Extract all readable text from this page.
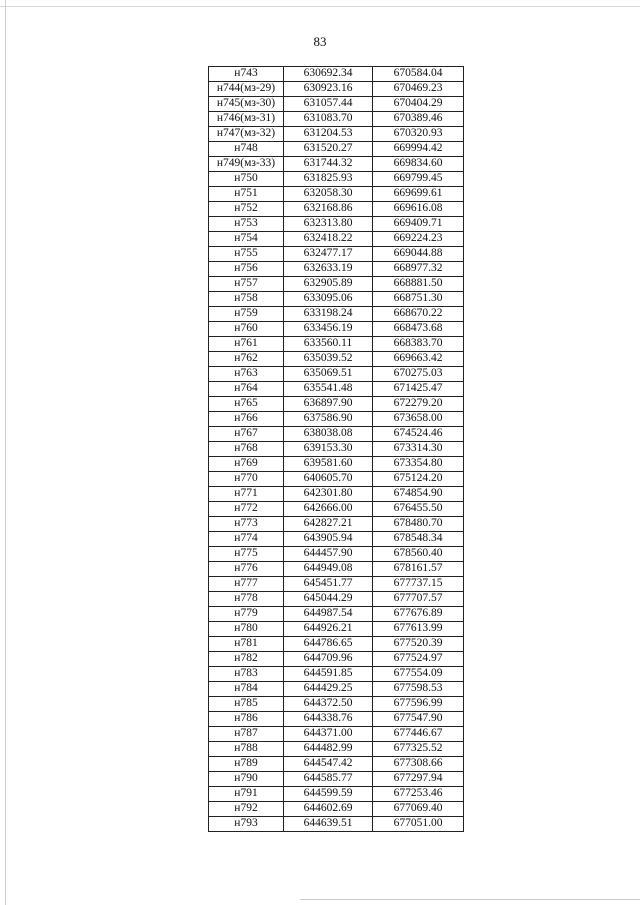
83
н743	630692.34	670584.04
н744(мз-29)	630923.16	670469.23
н745(мз-30)	631057.44	670404.29
н746(мз-31)	631083.70	670389.46
н747(мз-32)	631204.53	670320.93
н748	631520.27	669994.42
н749(мз-33)	631744.32	669834.60
н750	631825.93	669799.45
н751	632058.30	669699.61
н752	632168.86	669616.08
н753	632313.80	669409.71
н754	632418.22	669224.23
н755	632477.17	669044.88
н756	632633.19	668977.32
н757	632905.89	668881.50
н758	633095.06	668751.30
н759	633198.24	668670.22
н760	633456.19	668473.68
н761	633560.11	668383.70
н762	635039.52	669663.42
н763	635069.51	670275.03
н764	635541.48	671425.47
н765	636897.90	672279.20
н766	637586.90	673658.00
н767	638038.08	674524.46
н768	639153.30	673314.30
н769	639581.60	673354.80
н770	640605.70	675124.20
н771	642301.80	674854.90
н772	642666.00	676455.50
н773	642827.21	678480.70
н774	643905.94	678548.34
н775	644457.90	678560.40
н776	644949.08	678161.57
н777	645451.77	677737.15
н778	645044.29	677707.57
н779	644987.54	677676.89
н780	644926.21	677613.99
н781	644786.65	677520.39
н782	644709.96	677524.97
н783	644591.85	677554.09
н784	644429.25	677598.53
н785	644372.50	677596.99
н786	644338.76	677547.90
н787	644371.00	677446.67
н788	644482.99	677325.52
н789	644547.42	677308.66
н790	644585.77	677297.94
н791	644599.59	677253.46
н792	644602.69	677069.40
н793	644639.51	677051.00
